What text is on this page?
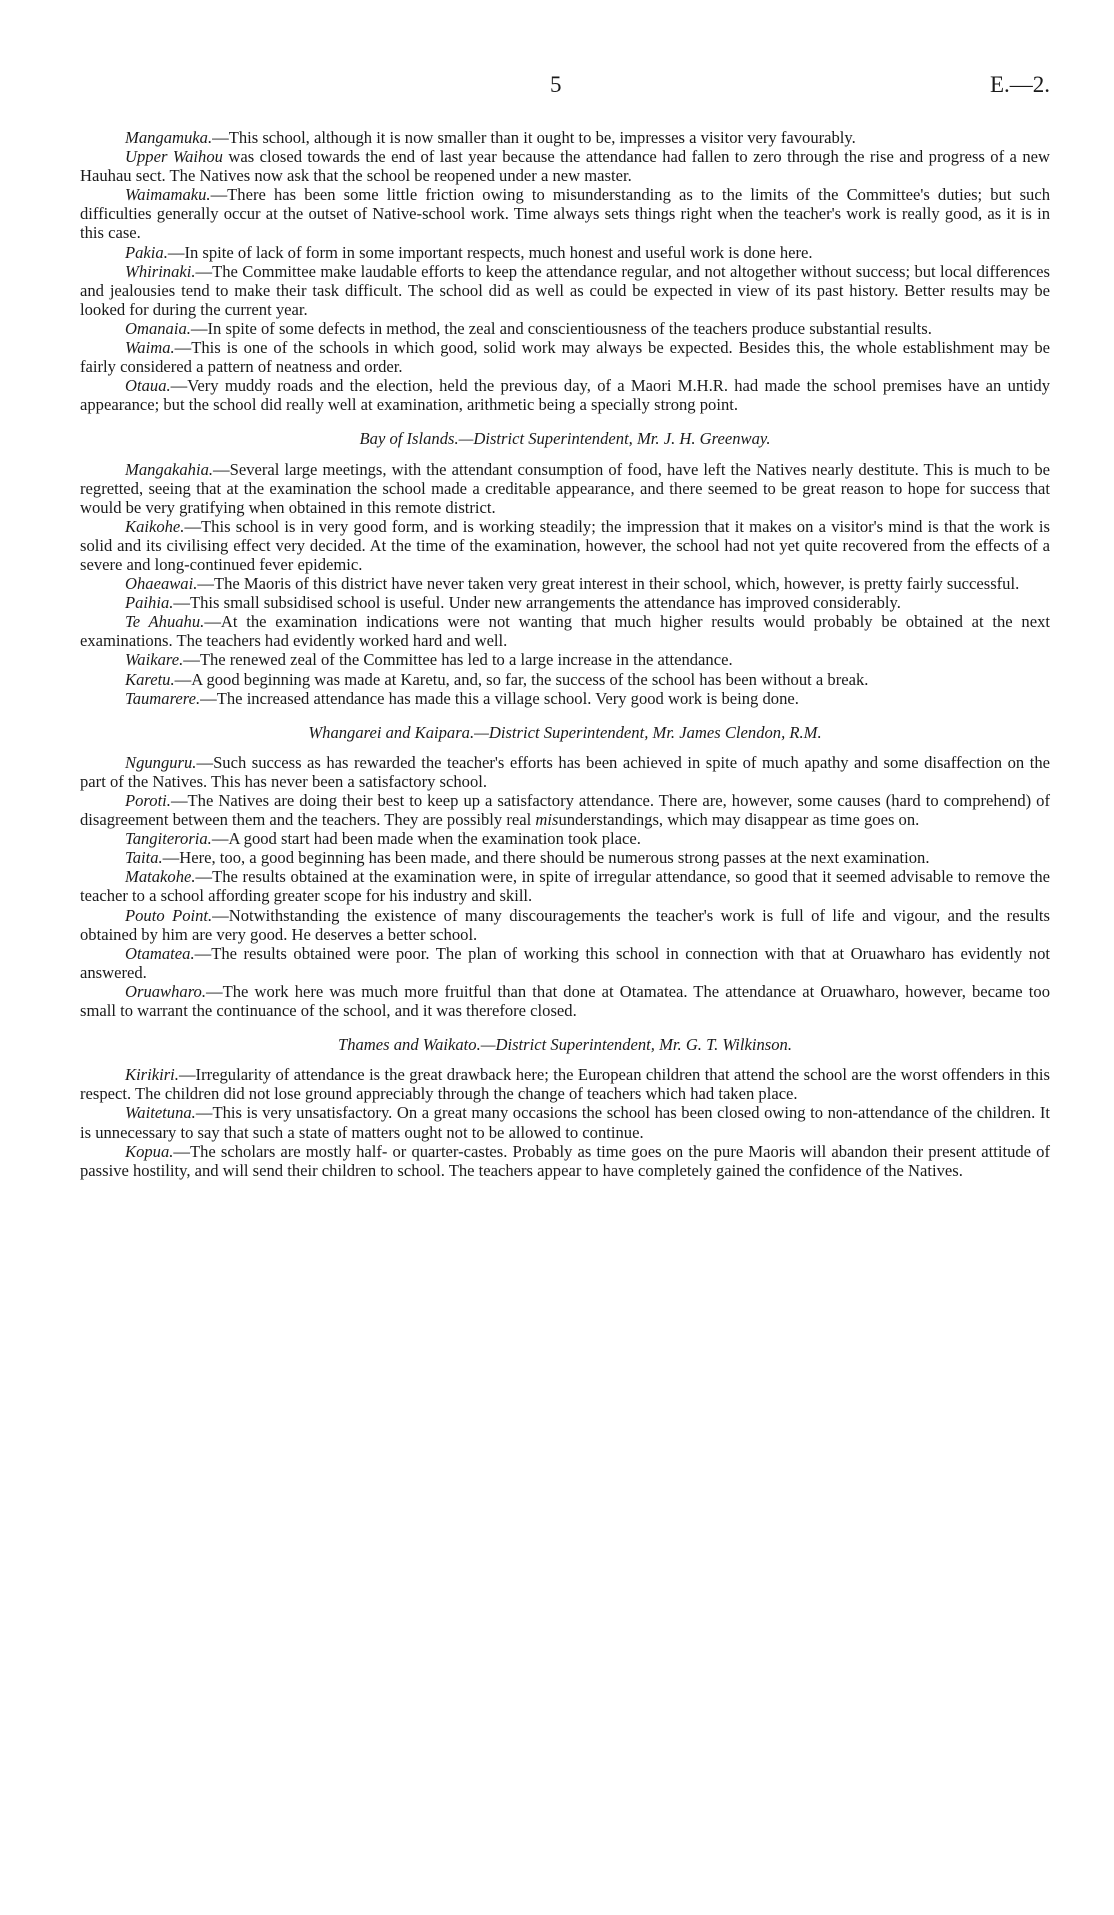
5	E.—2.

Mangamuka.—This school, although it is now smaller than it ought to be, impresses a visitor very favourably.

Upper Waihou was closed towards the end of last year because the attendance had fallen to zero through the rise and progress of a new Hauhau sect. The Natives now ask that the school be reopened under a new master.

Waimamaku.—There has been some little friction owing to misunderstanding as to the limits of the Committee's duties; but such difficulties generally occur at the outset of Native-school work. Time always sets things right when the teacher's work is really good, as it is in this case.

Pakia.—In spite of lack of form in some important respects, much honest and useful work is done here.

Whirinaki.—The Committee make laudable efforts to keep the attendance regular, and not altogether without success; but local differences and jealousies tend to make their task difficult. The school did as well as could be expected in view of its past history. Better results may be looked for during the current year.

Omanaia.—In spite of some defects in method, the zeal and conscientiousness of the teachers produce substantial results.

Waima.—This is one of the schools in which good, solid work may always be expected. Besides this, the whole establishment may be fairly considered a pattern of neatness and order.

Otaua.—Very muddy roads and the election, held the previous day, of a Maori M.H.R. had made the school premises have an untidy appearance; but the school did really well at examination, arithmetic being a specially strong point.

Bay of Islands.—District Superintendent, Mr. J. H. Greenway.

Mangakahia.—Several large meetings, with the attendant consumption of food, have left the Natives nearly destitute. This is much to be regretted, seeing that at the examination the school made a creditable appearance, and there seemed to be great reason to hope for success that would be very gratifying when obtained in this remote district.

Kaikohe.—This school is in very good form, and is working steadily; the impression that it makes on a visitor's mind is that the work is solid and its civilising effect very decided. At the time of the examination, however, the school had not yet quite recovered from the effects of a severe and long-continued fever epidemic.

Ohaeawai.—The Maoris of this district have never taken very great interest in their school, which, however, is pretty fairly successful.

Paihia.—This small subsidised school is useful. Under new arrangements the attendance has improved considerably.

Te Ahuahu.—At the examination indications were not wanting that much higher results would probably be obtained at the next examinations. The teachers had evidently worked hard and well.

Waikare.—The renewed zeal of the Committee has led to a large increase in the attendance.

Karetu.—A good beginning was made at Karetu, and, so far, the success of the school has been without a break.

Taumarere.—The increased attendance has made this a village school. Very good work is being done.

Whangarei and Kaipara.—District Superintendent, Mr. James Clendon, R.M.

Ngunguru.—Such success as has rewarded the teacher's efforts has been achieved in spite of much apathy and some disaffection on the part of the Natives. This has never been a satisfactory school.

Poroti.—The Natives are doing their best to keep up a satisfactory attendance. There are, however, some causes (hard to comprehend) of disagreement between them and the teachers. They are possibly real misunderstandings, which may disappear as time goes on.

Tangiteroria.—A good start had been made when the examination took place.

Taita.—Here, too, a good beginning has been made, and there should be numerous strong passes at the next examination.

Matakohe.—The results obtained at the examination were, in spite of irregular attendance, so good that it seemed advisable to remove the teacher to a school affording greater scope for his industry and skill.

Pouto Point.—Notwithstanding the existence of many discouragements the teacher's work is full of life and vigour, and the results obtained by him are very good. He deserves a better school.

Otamatea.—The results obtained were poor. The plan of working this school in connection with that at Oruawharo has evidently not answered.

Oruawharo.—The work here was much more fruitful than that done at Otamatea. The attendance at Oruawharo, however, became too small to warrant the continuance of the school, and it was therefore closed.

Thames and Waikato.—District Superintendent, Mr. G. T. Wilkinson.

Kirikiri.—Irregularity of attendance is the great drawback here; the European children that attend the school are the worst offenders in this respect. The children did not lose ground appreciably through the change of teachers which had taken place.

Waitetuna.—This is very unsatisfactory. On a great many occasions the school has been closed owing to non-attendance of the children. It is unnecessary to say that such a state of matters ought not to be allowed to continue.

Kopua.—The scholars are mostly half- or quarter-castes. Probably as time goes on the pure Maoris will abandon their present attitude of passive hostility, and will send their children to school. The teachers appear to have completely gained the confidence of the Natives.
